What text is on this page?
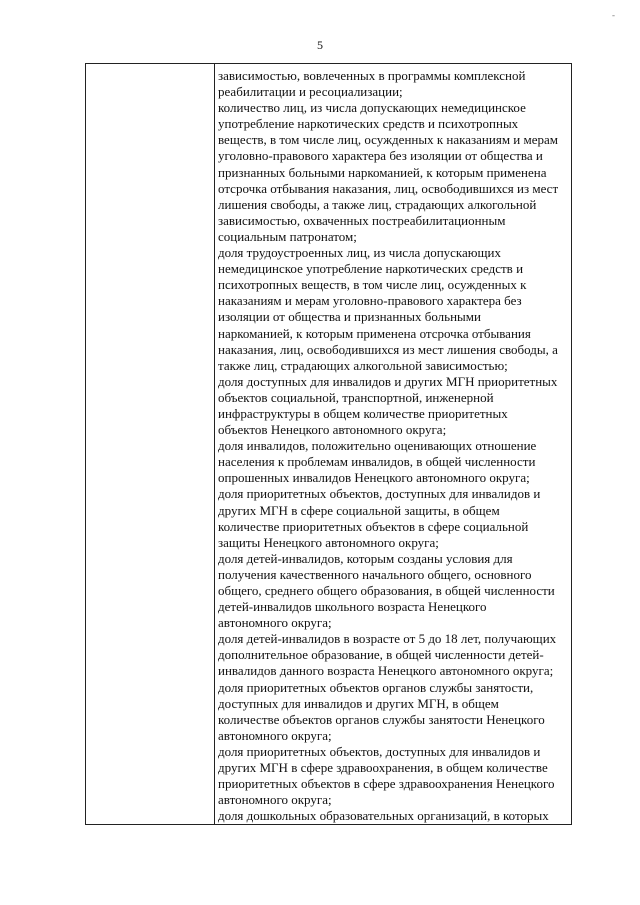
5
-

зависимостью, вовлеченных в программы комплексной
реабилитации и ресоциализации;
количество лиц, из числа допускающих немедицинское
употребление наркотических средств и психотропных
веществ, в том числе лиц, осужденных к наказаниям и мерам
уголовно-правового характера без изоляции от общества и
признанных больными наркоманией, к которым применена
отсрочка отбывания наказания, лиц, освободившихся из мест
лишения свободы, а также лиц, страдающих алкогольной
зависимостью, охваченных постреабилитационным
социальным патронатом;
доля трудоустроенных лиц, из числа допускающих
немедицинское употребление наркотических средств и
психотропных веществ, в том числе лиц, осужденных к
наказаниям и мерам уголовно-правового характера без
изоляции от общества и признанных больными
наркоманией, к которым применена отсрочка отбывания
наказания, лиц, освободившихся из мест лишения свободы, а
также лиц, страдающих алкогольной зависимостью;
доля доступных для инвалидов и других МГН приоритетных
объектов социальной, транспортной, инженерной
инфраструктуры в общем количестве приоритетных
объектов Ненецкого автономного округа;
доля инвалидов, положительно оценивающих отношение
населения к проблемам инвалидов, в общей численности
опрошенных инвалидов Ненецкого автономного округа;
доля приоритетных объектов, доступных для инвалидов и
других МГН в сфере социальной защиты, в общем
количестве приоритетных объектов в сфере социальной
защиты Ненецкого автономного округа;
доля детей-инвалидов, которым созданы условия для
получения качественного начального общего, основного
общего, среднего общего образования, в общей численности
детей-инвалидов школьного возраста Ненецкого
автономного округа;
доля детей-инвалидов в возрасте от 5 до 18 лет, получающих
дополнительное образование, в общей численности детей-
инвалидов данного возраста Ненецкого автономного округа;
доля приоритетных объектов органов службы занятости,
доступных для инвалидов и других МГН, в общем
количестве объектов органов службы занятости Ненецкого
автономного округа;
доля приоритетных объектов, доступных для инвалидов и
других МГН в сфере здравоохранения, в общем количестве
приоритетных объектов в сфере здравоохранения Ненецкого
автономного округа;
доля дошкольных образовательных организаций, в которых
